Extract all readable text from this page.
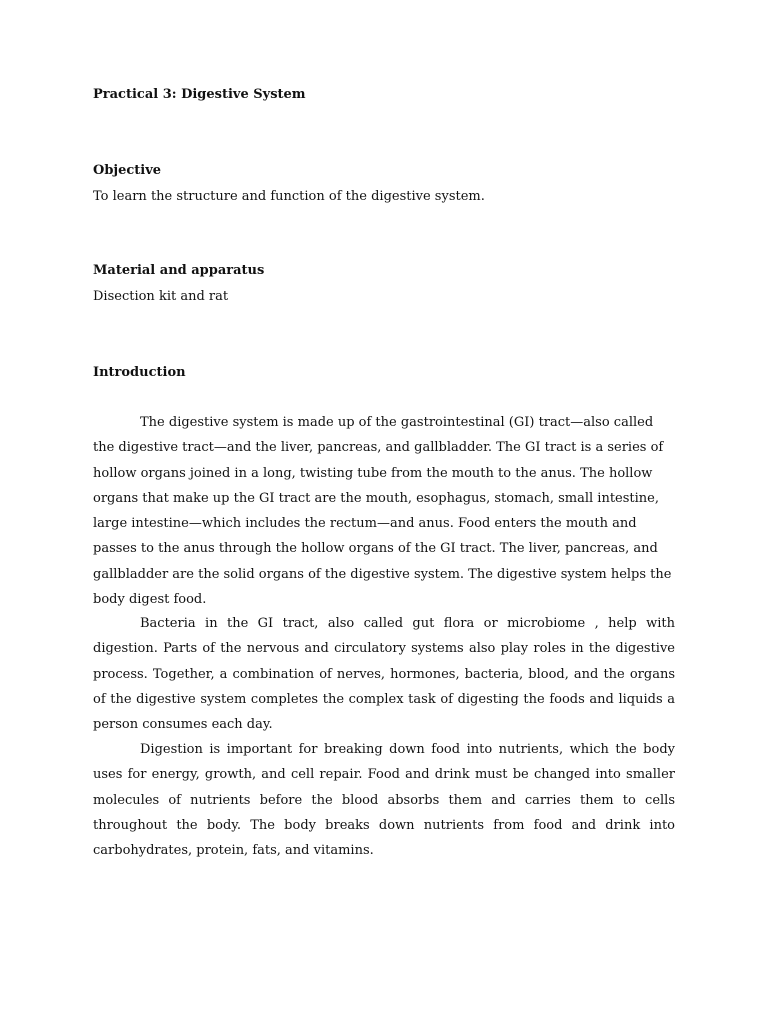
Practical 3: Digestive System
Objective
To learn the structure and function of the digestive system.
Material and apparatus
Disection kit and rat
Introduction

The digestive system is made up of the gastrointestinal (GI) tract—also called the digestive tract—and the liver, pancreas, and gallbladder. The GI tract is a series of hollow organs joined in a long, twisting tube from the mouth to the anus. The hollow organs that make up the GI tract are the mouth, esophagus, stomach, small intestine, large intestine—which includes the rectum—and anus. Food enters the mouth and passes to the anus through the hollow organs of the GI tract. The liver, pancreas, and gallbladder are the solid organs of the digestive system. The digestive system helps the body digest food.

Bacteria in the GI tract, also called gut flora or microbiome , help with digestion. Parts of the nervous and circulatory systems also play roles in the digestive process. Together, a combination of nerves, hormones, bacteria, blood, and the organs of the digestive system completes the complex task of digesting the foods and liquids a person consumes each day.

Digestion is important for breaking down food into nutrients, which the body uses for energy, growth, and cell repair. Food and drink must be changed into smaller molecules of nutrients before the blood absorbs them and carries them to cells throughout the body. The body breaks down nutrients from food and drink into carbohydrates, protein, fats, and vitamins.
